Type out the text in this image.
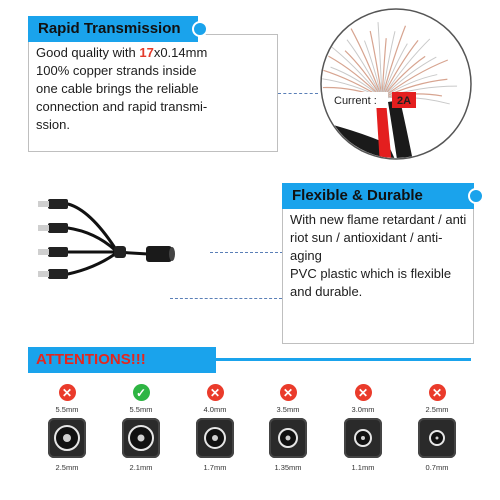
Rapid Transmission
Good quality with 17x0.14mm
100% copper strands inside
one cable brings the reliable
connection and rapid transmi-
ssion.
Current : 2A
Flexible & Durable
With new flame retardant / anti
riot sun / antioxidant / anti-aging
PVC plastic which is flexible
and durable.
ATTENTIONS!!!
✕
5.5mm
2.5mm
✓
5.5mm
2.1mm
✕
4.0mm
1.7mm
✕
3.5mm
1.35mm
✕
3.0mm
1.1mm
✕
2.5mm
0.7mm
